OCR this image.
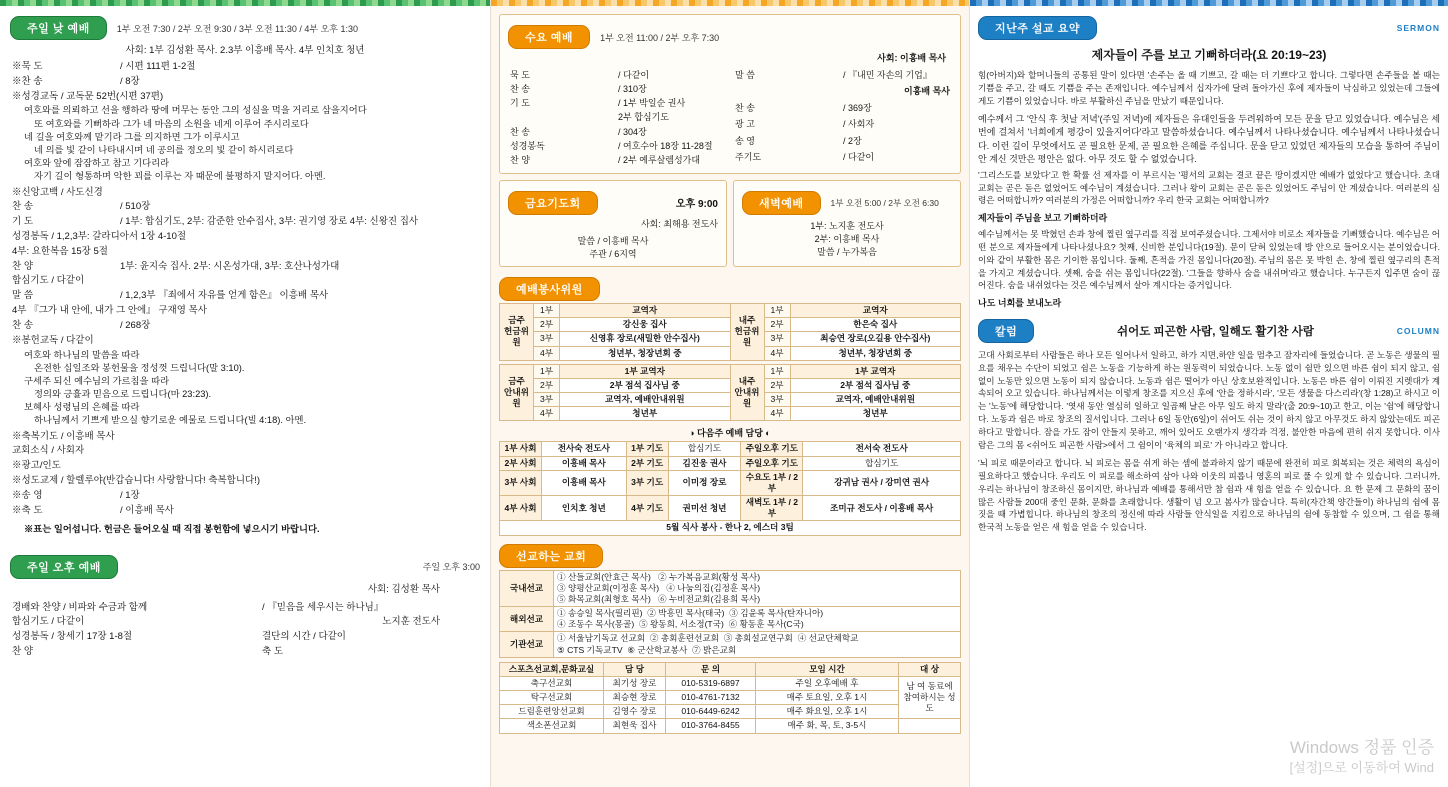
주일 낮 예배	1부 오전 7:30 / 2부 오전 9:30 / 3부 오전 11:30 / 4부 오후 1:30
사회: 1부 김성환 목사. 2.3부 이흥배 목사. 4부 인치호 청년
※묵 도	/ 시편 111편 1-2절
※찬 송	/ 8장
※성경교독 / 교독문 52번(시편 37편)	
여호와를 의뢰하고 선을 행하라 땅에 머무는 동안 그의 성실을 먹을 거리로 삼을지어다
또 여호와를 기뻐하라 그가 네 마음의 소원을 네게 이루어 주시리로다
네 길을 여호와께 맡기라 그를 의지하면 그가 이루시고
네 의를 빛 같이 나타내시며 네 공의를 정오의 빛 같이 하시리로다
여호와 앞에 잠잠하고 참고 기다리라
자기 길이 형통하며 악한 꾀를 이루는 자 때문에 불평하지 말지어다. 아멘.
※신앙고백 / 사도신경	
찬 송	/ 510장
기 도	/ 1부: 합심기도, 2부: 감준한 안수집사, 3부: 권기영 장로 4부: 신왕진 집사
성경봉독 / 1,2,3부: 갈라디아서 1장 4-10절	
4부: 요한복음 15장 5절	
찬 양	1부: 윤지숙 집사. 2부: 시온성가대, 3부: 호산나성가대
합심기도 / 다같이	
말 씀	/ 1,2,3부 『죄에서 자유를 얻게 함은』 이흥배 목사
4부 『그가 내 안에, 내가 그 안에』 구재영 목사	
찬 송	/ 268장
※봉헌교독 / 다같이	
여호와 하나님의 말씀을 따라
온전한 십일조와 봉헌물을 정성껏 드립니다(말 3:10).
구세주 되신 예수님의 가르침을 따라
정의와 긍휼과 믿음으로 드립니다(마 23:23).
보혜사 성령님의 은혜를 따라
하나님께서 기쁘게 받으실 향기로운 예물로 드립니다(빌 4:18). 아멘.
※축복기도 / 이흥배 목사	
교회소식 / 사회자	
※광고/인도	
※성도교제 / 할렐루야(반갑습니다! 사랑합니다! 축복합니다!)	
※송 영	/ 1장
※축 도	/ 이흥배 목사
※표는 일어섭니다. 헌금은 들어오실 때 직접 봉헌함에 넣으시기 바랍니다.
주일 오후 예배	주일 오후 3:00
사회: 김성환 목사
경배와 찬양 / 비파와 수금과 함께	/ 『믿음을 세우시는 하나님』
합심기도 / 다같이	노지훈 전도사
성경봉독 / 창세기 17장 1-8절	결단의 시간 / 다같이
찬 양	축 도
수요 예배	1부 오전 11:00 / 2부 오후 7:30
사회: 이흥배 목사
묵 도	/ 다같이
찬 송	/ 310장
기 도	/ 1부 박일순 권사
	2부 합심기도
찬 송	/ 304장
성경봉독	/ 여호수아 18장 11-28절
찬 양	/ 2부 예루살렘성가대
말 씀	/ 『내민 자손의 기업』
	이흥배 목사
찬 송	/ 369장
광 고	/ 사회자
송 영	/ 2장
주기도	/ 다같이
금요기도회	오후 9:00
사회: 최해용 전도사
말씀 / 이흥배 목사
주관 / 6지역
새벽예배	1부 오전 5:00 / 2부 오전 6:30
1부: 노지훈 전도사
2부: 이흥배 목사
말씀 / 누가복음
예배봉사위원
금주 헌금위원	1부	교역자	내주 헌금위원	1부	교역자
	2부	강신웅 집사		2부	한은숙 집사
	3부	신영휴 장로(새밀한 안수집사)		3부	최승연 장로(오길용 안수집사)
	4부	청년부, 청장년회 중		4부	청년부, 청장년회 중
금주 안내위원	1부	1부 교역자	내주 안내위원	1부	1부 교역자
	2부	2부 점석 집사님 중		2부	2부 점석 집사님 중
	3부	교역자, 예배안내위원		3부	교역자, 예배안내위원
	4부	청년부		4부	청년부
◑ 다음주 예배 담당 ◐
1부 사회	전사숙 전도사	1부 기도	합심기도	주일오후 기도	전서숙 전도사
2부 사회	이흥배 목사	2부 기도	김진웅 권사	주일오후 기도	합심기도
3부 사회	이흥배 목사	3부 기도	이미정 장로	수요도 1부 / 2부	강귀남 권사 / 강미연 권사
4부 사회	인치호 청년	4부 기도	권미선 청년	새벽도 1부 / 2부	조미규 전도사 / 이흥배 목사
5월 식사 봉사 - 한나 2, 에스더 3팀					
선교하는 교회
국내선교	① 산들교회(안효근 목사) ② 누가복음교회(황성 목사)
③ 양평산교회(이정훈 목사) ④ 나눔의집(김정훈 목사)
⑤ 화목교회(최형호 목사) ⑥ 누비전교회(김용희 목사)
해외선교	① 송승일 목사(필리핀) ② 박흥민 목사(태국) ③ 김윤록 목사(탄자니아)
④ 조동수 목사(몽골) ⑤ 왕동희, 서소정(T국) ⑥ 황동훈 목사(C국)
기관선교	① 서울남기독교 선교회 ② 총회훈련선교회 ③ 총회설교연구회 ④ 선교단체학교
⑤ CTS 기독교TV ⑥ 군산학교봉사 ⑦ 밝은교회
스포츠선교회,문화교실	담 당	문 의	모임 시간	대 상
축구선교회	최기성 장로	010-5319-6897	주일 오후예배 후	남 여 동료에 참여하시는 성도
탁구선교회	최승현 장로	010-4761-7132	매주 토요일, 오후 1시	
드림훈련앙선교회	김영수 장로	010-6449-6242	매주 화요일, 오후 1시	
색소폰선교회	최현욱 집사	010-3764-8455	매주 화, 목, 토, 3-5시	
지난주 설교 요약	SERMON
제자들이 주를 보고 기뻐하더라(요 20:19~23)

힘(아버지)와 할머니들의 공통된 말이 있다면 '손주는 올 때 기쁘고, 갈 때는 더 기쁘다'고 합니다. 그렇다면 손주들을 볼 때는 기쁨을 주고, 갈 때도 기쁨을 주는 존재입니다. 예수님께서 십자가에 달려 돌아가신 후에 제자들이 낙심하고 있었는데 그들에게도 기쁨이 있었습니다. 바로 부활하신 주님을 만났기 때문입니다.

예수께서 그 '안식 후 첫날 저녁'(주일 저녁)에 제자들은 유대인들을 두려워하여 모든 문을 닫고 있었습니다. 예수님은 세 번에 걸쳐서 '너희에게 평강이 있을지어다'라고 말씀하셨습니다. 예수님께서 나타나셨습니다. 예수님께서 나타나셨습니다. 이런 길이 무엇에서도 곧 필요한 문제, 곧 필요한 은혜를 주십니다. 문을 닫고 있었던 제자들의 모습을 통하여 주님이 안 계신 것만은 평안은 없다. 아무 것도 할 수 없었습니다.

'그리스도를 보았다'고 한 확률 선 제자를 이 부르시는 '평서의 교회는 결코 끝은 땅이겠지만 예배가 없었다'고 했습니다. 초대 교회는 곧은 돋은 없었어도 예수님이 계셨습니다. 그러나 왕이 교회는 곧은 돋은 있었어도 주님이 안 계셨습니다. 여러분의 심령은 어떠합니까? 여러분의 가정은 어떠합니까? 우리 한국 교회는 어떠합니까?

제자들이 주님을 보고 기뻐하더라

예수님께서는 못 박혔던 손과 창에 찔린 옆구리를 직접 보여주셨습니다. 그제서야 비로소 제자들을 기뻐했습니다. 예수님은 어떤 분으로 제자들에게 나타나셨나요? 첫째, 신비한 분입니다(19절). 문이 닫혀 있었는데 방 안으로 들어오시는 분이었습니다. 이와 같이 부활한 몸은 기이한 몸입니다. 둘째, 흔적을 가진 몸입니다(20절). 주님의 몸은 못 박힌 손, 창에 찔린 옆구리의 흔적을 가지고 계셨습니다. 셋째, 숨을 쉬는 몸입니다(22절). '그들을 향하사 숨을 내쉬며'라고 했습니다. 누구든지 입주면 숨이 끊어진다. 숨을 내쉬었다는 것은 예수님께서 살아 계시다는 증거입니다.

나도 너희를 보내노라
칼럼	쉬어도 피곤한 사람, 일해도 활기찬 사람	COLUMN

고대 사회로부터 사람들은 하나 모든 일어나서 일하고, 하가 지면,하얀 일을 멈추고 잠자리에 들었습니다. 곧 노동은 생물의 필요를 채우는 수단이 되었고 쉼은 노동을 기능하게 하는 원동력이 되었습니다. 노동 없이 쉼만 있으면 바른 쉼이 되지 않고, 쉼 없이 노동만 있으면 노동이 되지 않습니다. 노동과 쉼은 떨어가 아닌 상호보완적입니다. 노동은 바른 쉼이 이뤄진 지렛대가 계속되어 오고 있습니다. 하나님께서는 이렇게 창조를 지으신 후에 '안을 정하시라', '모든 생물을 다스리라'(창 1:28)고 하시고 이는 '노동'에 해당합니다. '엿새 동안 열심히 일하고 일곱째 날은 아무 일도 하지 말라'(출 20:9~10)고 한고, 이는 '쉼'에 해당합니다. 노동과 쉼은 바로 창조의 질서입니다. 그러나 6일 동안(6일)이 쉬어도 쉬는 것이 하지 않고 아무것도 하지 않았는데도 피곤하다고 말합니다. 잠을 가도 잠이 안들지 못하고, 깨어 있어도 오랜가지 생각과 걱정, 불안한 마음에 편히 쉬지 못합니다. 이사람은 그의 몸 <쉬어도 피곤한 사람>에서 그 쉼이이 '육체의 피로' 가 아니라고 합니다.

'뇌 피로 때문이라고 합니다. 뇌 피로는 몸을 쉬게 하는 셈에 불과하지 않기 때문에 완전히 피로 회복되는 것은 체력의 욕심이 필요하다고 했습니다. 우리도 이 피로를 해소하여 삼아 나와 이웃의 피롭니 영혼의 피로 풀 수 있게 할 수 있습니다. 그러니까, 우리는 하나님이 창조하신 몸이지만, 하나님과 예배를 통해서만 참 쉼과 새 힘을 얻을 수 있습니다. 요 한 문제 그 문화의 꿈이 많은 사람들 200대 중인 문화, 문화를 초래합니다. 생활이 넘 오고 봄사가 많습니다. 특히(자간책 양간들이) 하나님의 쉼에 몸짓을 때 가볍힙니다. 하나님의 창조의 정신에 따라 사람들 안식일을 지킴으로 하나님의 쉼에 동참할 수 있으며, 그 쉼을 통해 한국적 노동을 얻은 새 힘을 얻을 수 있습니다.

Windows 정품 인증
[설정]으로 이동하여 Wind
